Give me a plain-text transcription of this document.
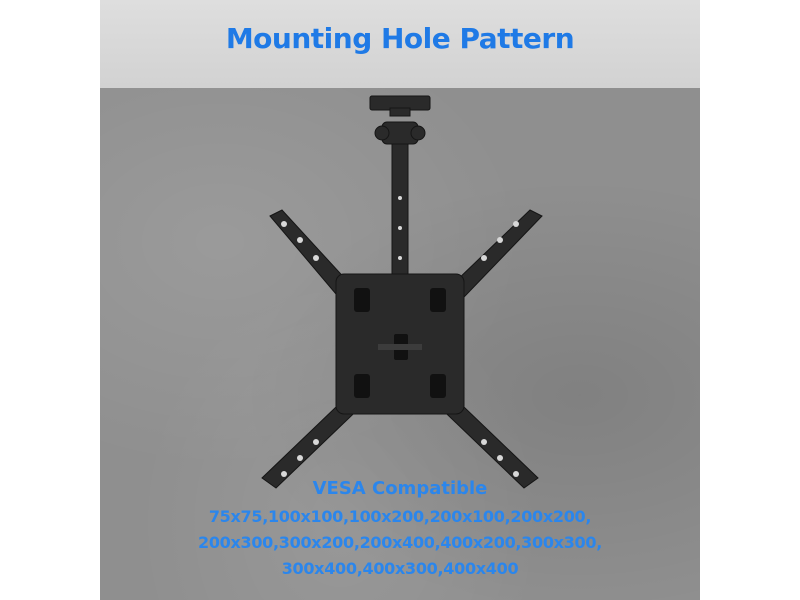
Mounting Hole Pattern
VESA Compatible
75x75,100x100,100x200,200x100,200x200,
200x300,300x200,200x400,400x200,300x300,
300x400,400x300,400x400
